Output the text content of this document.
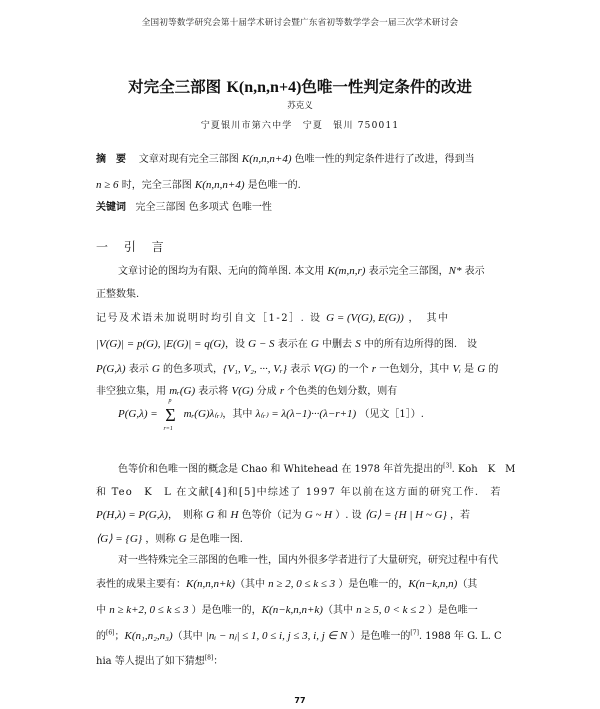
全国初等数学研究会第十届学术研讨会暨广东省初等数学学会一届三次学术研讨会
对完全三部图 K(n,n,n+4)色唯一性判定条件的改进
苏克义
宁夏银川市第六中学　宁夏　银川 750011
摘　要 文章对现有完全三部图 K(n,n,n+4) 色唯一性的判定条件进行了改进，得到当
n ≥ 6 时，完全三部图 K(n,n,n+4) 是色唯一的.
关键词 完全三部图 色多项式 色唯一性
一 引 言
文章讨论的图均为有限、无向的简单图. 本文用 K(m,n,r) 表示完全三部图，N* 表示
正整数集.
记号及术语未加说明时均引自文［1-2］. 设 G = (V(G), E(G)) ，　其中
|V(G)| = p(G), |E(G)| = q(G)，设 G − S 表示在 G 中删去 S 中的所有边所得的图.　设
P(G,λ) 表示 G 的色多项式，{V₁, V₂, ···, Vᵣ} 表示 V(G) 的一个 r 一色划分，其中 Vᵢ 是 G 的
非空独立集，用 mᵣ(G) 表示将 V(G) 分成 r 个色类的色划分数，则有
P(G,λ) =
p
Σ
r=1
mᵣ(G)λ₍ᵣ₎，其中 λ₍ᵣ₎ = λ(λ−1)···(λ−r+1) （见文［1］）.
色等价和色唯一图的概念是 Chao 和 Whitehead 在 1978 年首先提出的[3]. Koh　K　M
和 Teo　K　L 在文献[4]和[5]中综述了 1997 年以前在这方面的研究工作.　若
P(H,λ) = P(G,λ)，　则称 G 和 H 色等价（记为 G ~ H ）. 设 ⟨G⟩ = {H | H ~ G} ，若
⟨G⟩ = {G} ，则称 G 是色唯一图.
对一些特殊完全三部图的色唯一性，国内外很多学者进行了大量研究，研究过程中有代
表性的成果主要有：K(n,n,n+k)（其中 n ≥ 2, 0 ≤ k ≤ 3 ）是色唯一的，K(n−k,n,n)（其
中 n ≥ k+2, 0 ≤ k ≤ 3 ）是色唯一的，K(n−k,n,n+k)（其中 n ≥ 5, 0 < k ≤ 2 ）是色唯一
的[6]；K(n₁,n₂,n₃)（其中 |nᵢ − nⱼ| ≤ 1, 0 ≤ i, j ≤ 3, i, j ∈ N ）是色唯一的[7]. 1988 年 G. L. C
hia 等人提出了如下猜想[8]：
77
